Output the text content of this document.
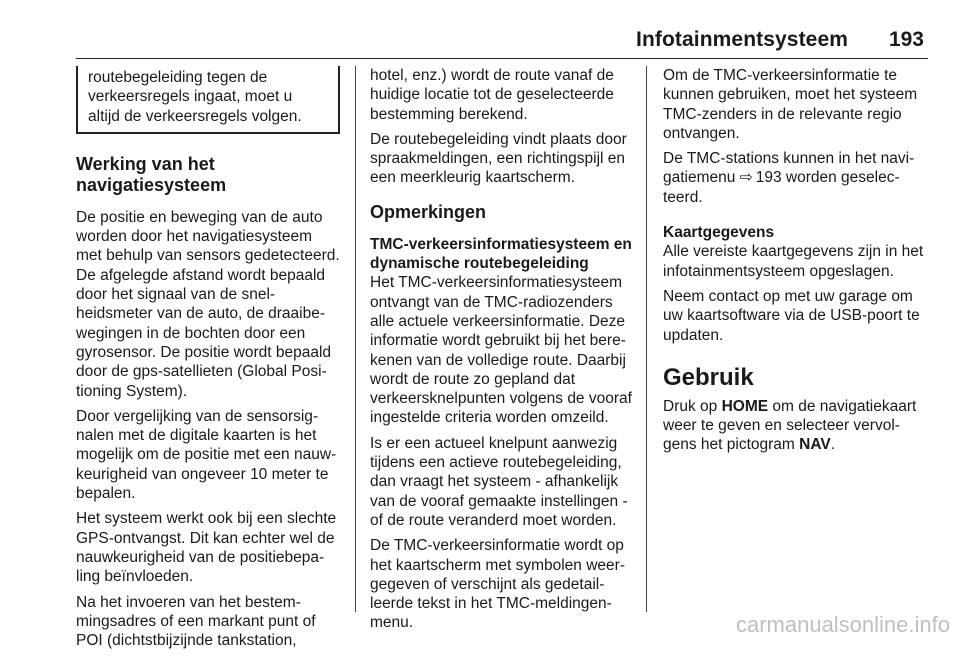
Infotainmentsysteem 193

routebegeleiding tegen de verkeersregels ingaat, moet u altijd de verkeersregels volgen.

Werking van het navigatiesysteem

De positie en beweging van de auto worden door het navigatiesysteem met behulp van sensors gedetecteerd. De afgelegde afstand wordt bepaald door het signaal van de snelheidsmeter van de auto, de draaibewegingen in de bochten door een gyrosensor. De positie wordt bepaald door de gps-satellieten (Global Positioning System).

Door vergelijking van de sensorsignalen met de digitale kaarten is het mogelijk om de positie met een nauwkeurigheid van ongeveer 10 meter te bepalen.

Het systeem werkt ook bij een slechte GPS-ontvangst. Dit kan echter wel de nauwkeurigheid van de positiebepaling beïnvloeden.

Na het invoeren van het bestemmingsadres of een markant punt of POI (dichtstbijzijnde tankstation,

hotel, enz.) wordt de route vanaf de huidige locatie tot de geselecteerde bestemming berekend.

De routebegeleiding vindt plaats door spraakmeldingen, een richtingspijl en een meerkleurig kaartscherm.

Opmerkingen
TMC-verkeersinformatiesysteem en dynamische routebegeleiding

Het TMC-verkeersinformatiesysteem ontvangt van de TMC-radiozenders alle actuele verkeersinformatie. Deze informatie wordt gebruikt bij het berekenen van de volledige route. Daarbij wordt de route zo gepland dat verkeersknelpunten volgens de vooraf ingestelde criteria worden omzeild.

Is er een actueel knelpunt aanwezig tijdens een actieve routebegeleiding, dan vraagt het systeem - afhankelijk van de vooraf gemaakte instellingen - of de route veranderd moet worden.

De TMC-verkeersinformatie wordt op het kaartscherm met symbolen weergegeven of verschijnt als gedetailleerde tekst in het TMC-meldingenmenu.

Om de TMC-verkeersinformatie te kunnen gebruiken, moet het systeem TMC-zenders in de relevante regio ontvangen.

De TMC-stations kunnen in het navigatiemenu ⇨ 193 worden geselecteerd.

Kaartgegevens

Alle vereiste kaartgegevens zijn in het infotainmentsysteem opgeslagen.

Neem contact op met uw garage om uw kaartsoftware via de USB-poort te updaten.

Gebruik

Druk op HOME om de navigatiekaart weer te geven en selecteer vervolgens het pictogram NAV.

carmanualsonline.info
